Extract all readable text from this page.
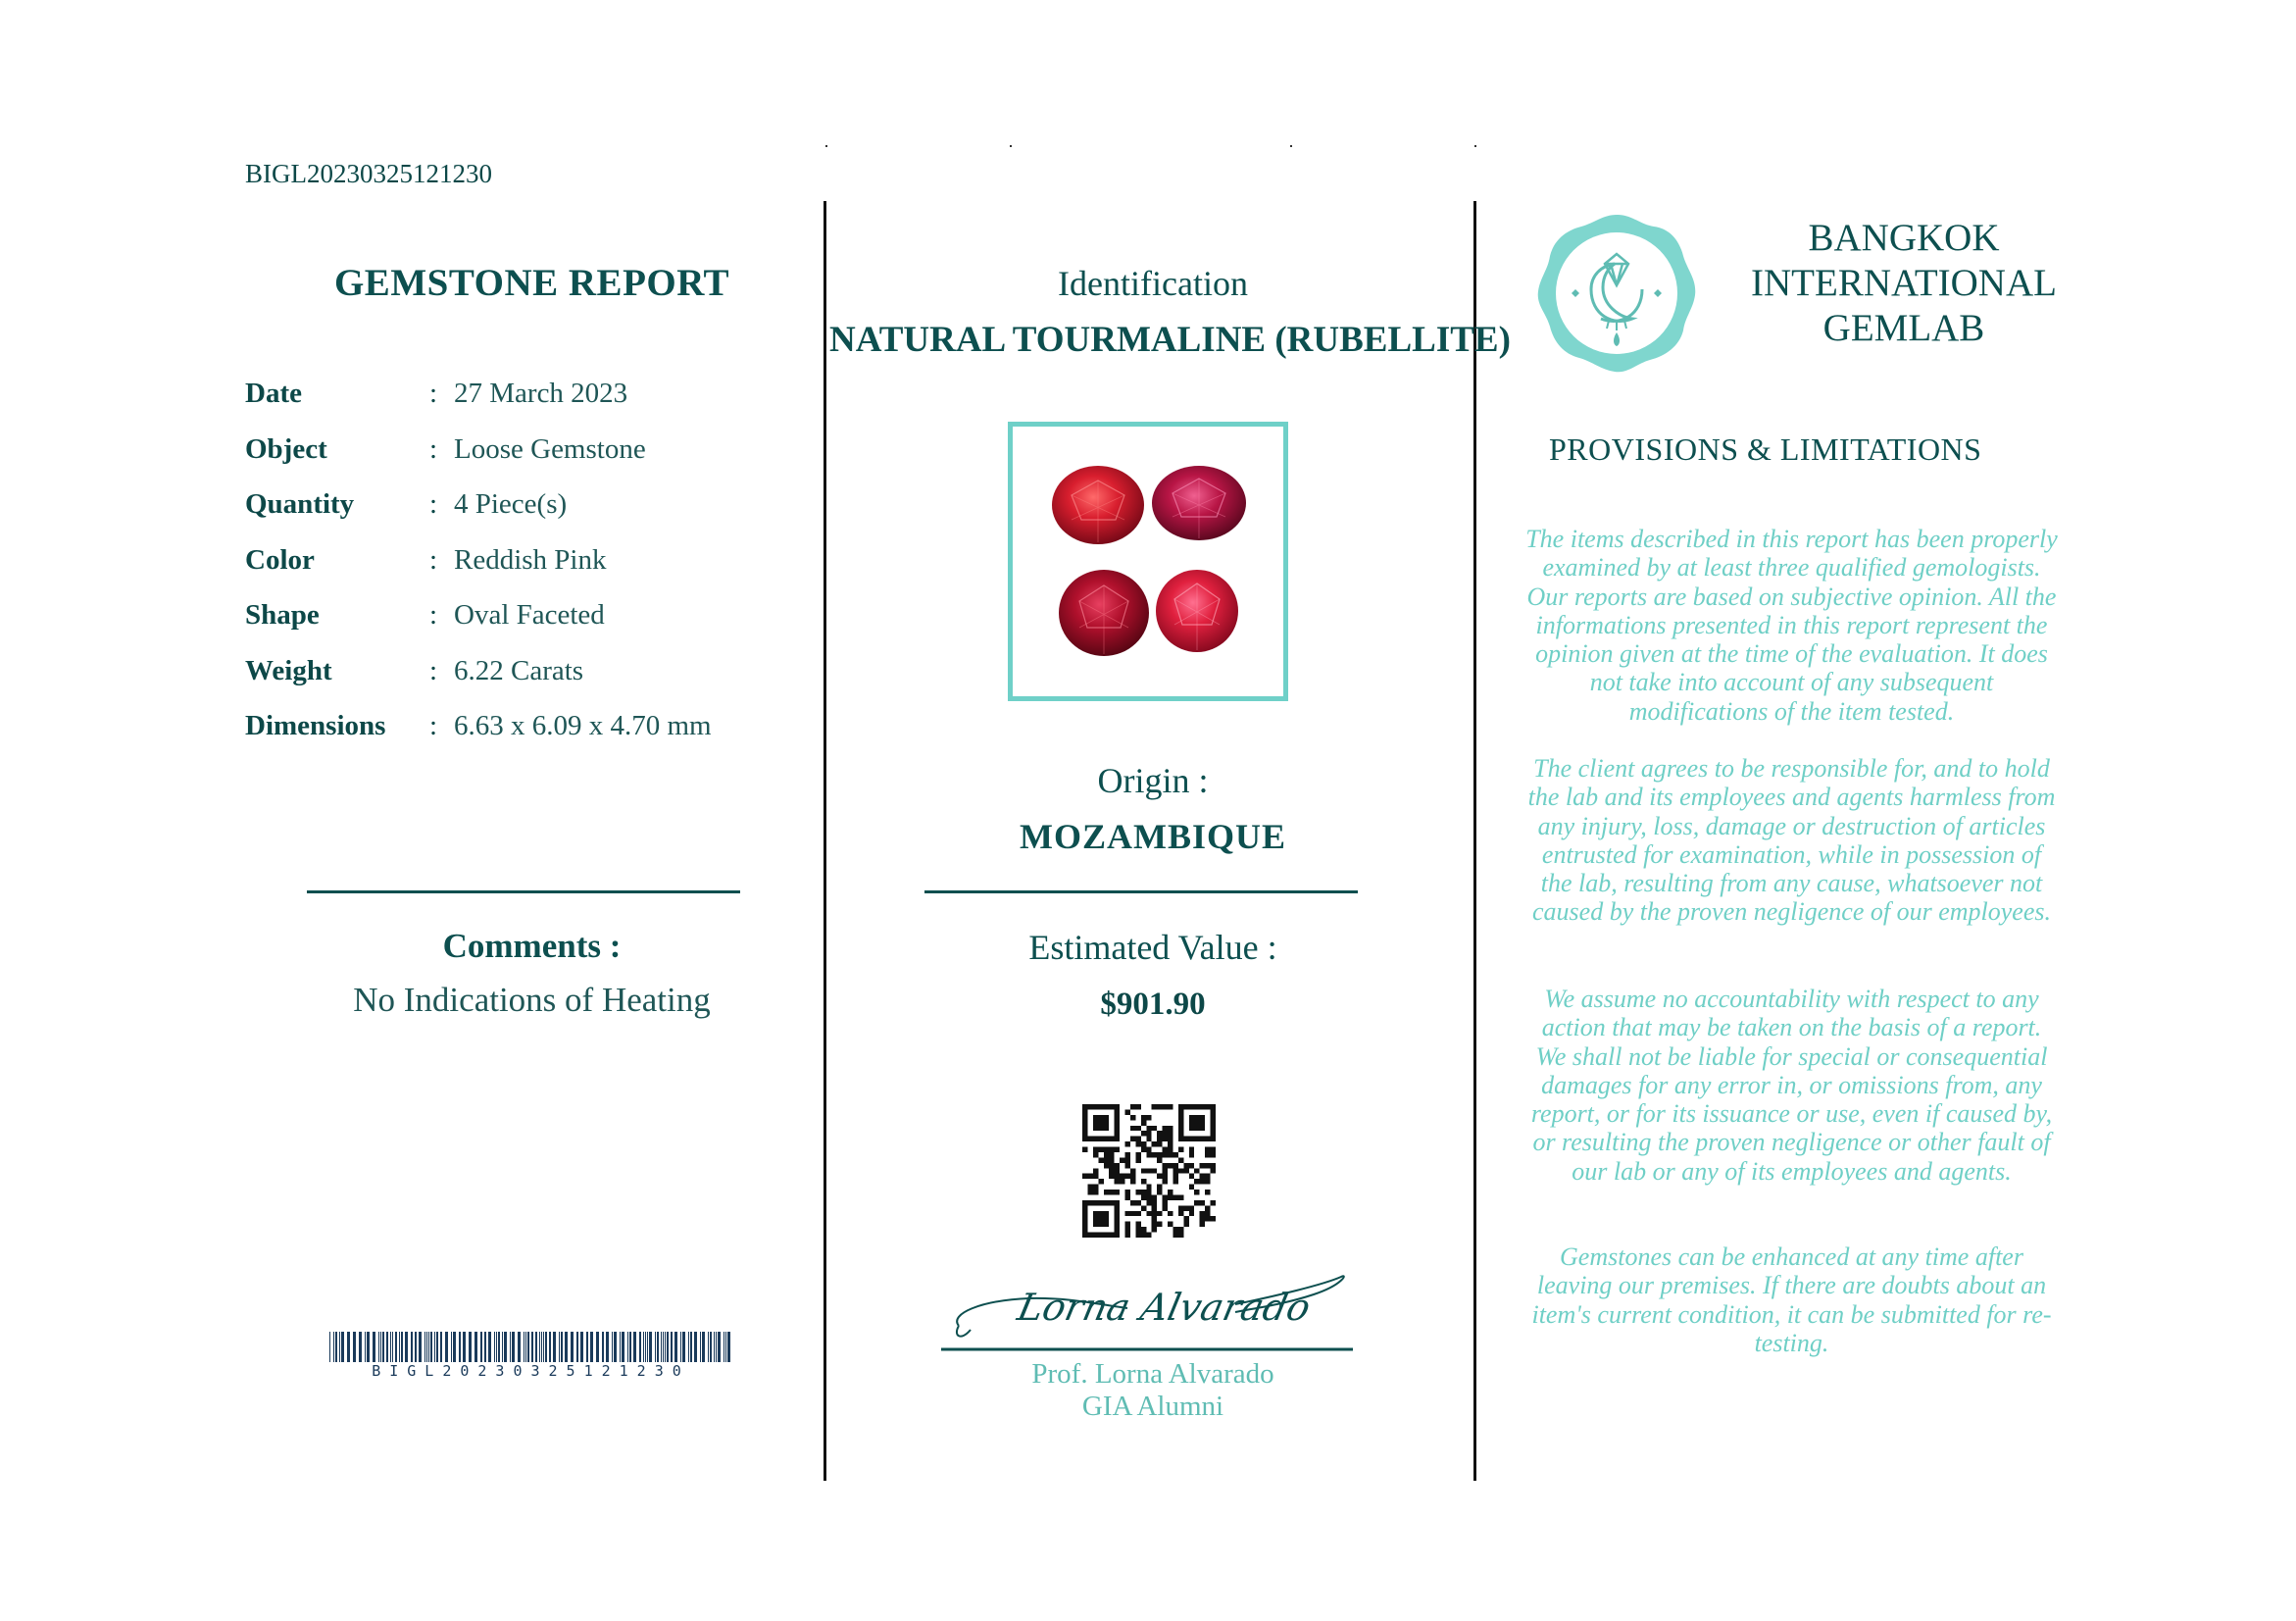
BIGL20230325121230
GEMSTONE REPORT
Date	: 27 March 2023
Object	: Loose Gemstone
Quantity	: 4 Piece(s)
Color	: Reddish Pink
Shape	: Oval Faceted
Weight	: 6.22 Carats
Dimensions : 6.63 x 6.09 x 4.70 mm
Comments :
No Indications of Heating
BIGL20230325121230
Identification
NATURAL TOURMALINE (RUBELLITE)
Origin :
MOZAMBIQUE
Estimated Value :
$901.90
Lorna Alvarado
Prof. Lorna Alvarado
GIA Alumni
BANGKOK
INTERNATIONAL
GEMLAB
PROVISIONS & LIMITATIONS
The items described in this report has been properly examined by at least three qualified gemologists. Our reports are based on subjective opinion. All the informations presented in this report represent the opinion given at the time of the evaluation. It does not take into account of any subsequent modifications of the item tested.
The client agrees to be responsible for, and to hold the lab and its employees and agents harmless from any injury, loss, damage or destruction of articles entrusted for examination, while in possession of the lab, resulting from any cause, whatsoever not caused by the proven negligence of our employees.
We assume no accountability with respect to any action that may be taken on the basis of a report. We shall not be liable for special or consequential damages for any error in, or omissions from, any report, or for its issuance or use, even if caused by, or resulting the proven negligence or other fault of our lab or any of its employees and agents.
Gemstones can be enhanced at any time after leaving our premises. If there are doubts about an item's current condition, it can be submitted for re-testing.
